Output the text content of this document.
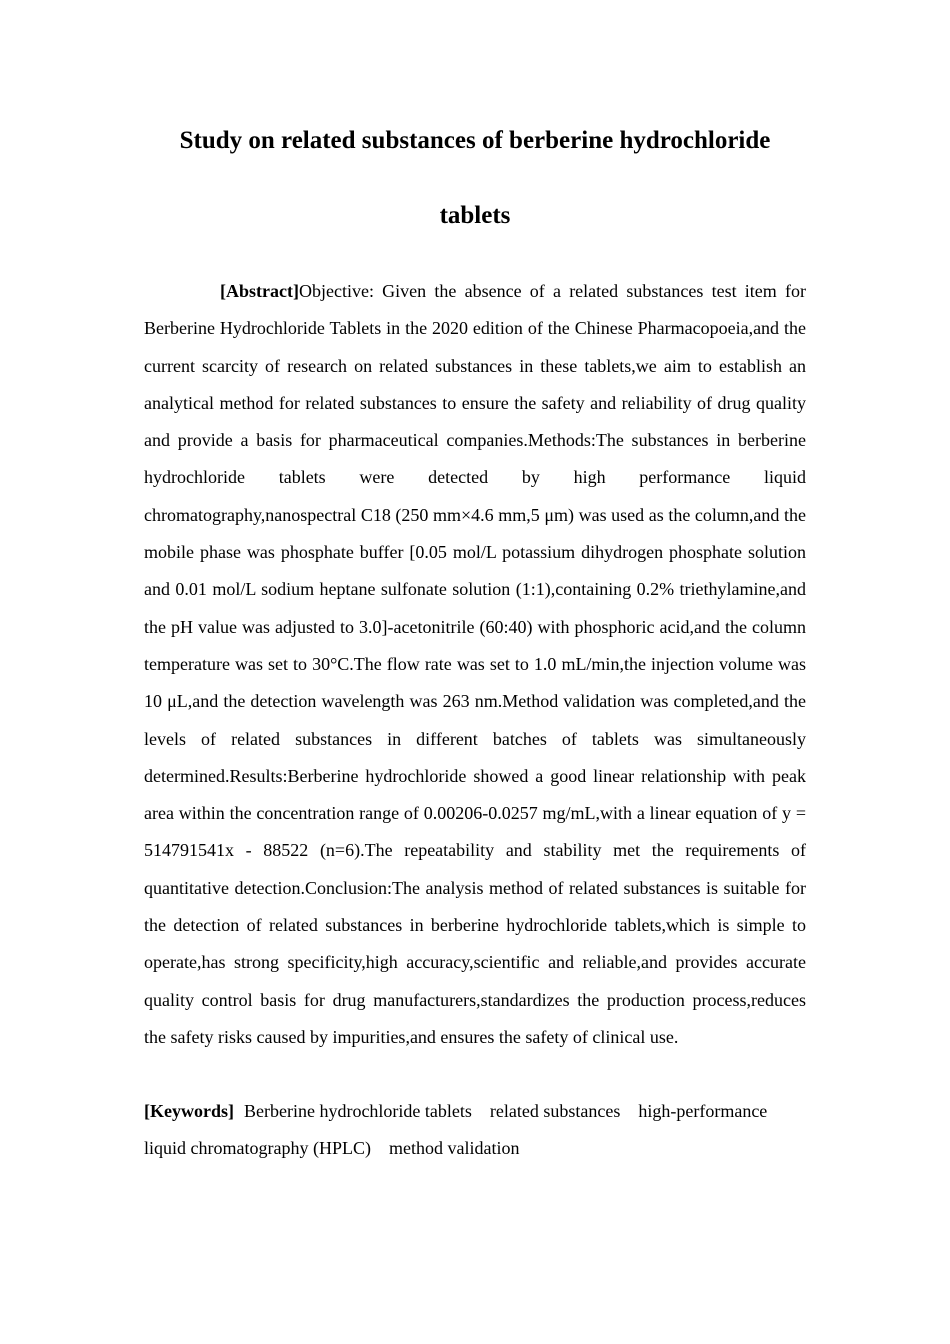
Study on related substances of berberine hydrochloride
tablets

[Abstract]Objective: Given the absence of a related substances test item for Berberine Hydrochloride Tablets in the 2020 edition of the Chinese Pharmacopoeia,and the current scarcity of research on related substances in these tablets,we aim to establish an analytical method for related substances to ensure the safety and reliability of drug quality and provide a basis for pharmaceutical companies.Methods:The substances in berberine hydrochloride tablets were detected by high performance liquid chromatography,nanospectral C18 (250 mm×4.6 mm,5 μm) was used as the column,and the mobile phase was phosphate buffer [0.05 mol/L potassium dihydrogen phosphate solution and 0.01 mol/L sodium heptane sulfonate solution (1:1),containing 0.2% triethylamine,and the pH value was adjusted to 3.0]-acetonitrile (60:40) with phosphoric acid,and the column temperature was set to 30°C.The flow rate was set to 1.0 mL/min,the injection volume was 10 μL,and the detection wavelength was 263 nm.Method validation was completed,and the levels of related substances in different batches of tablets was simultaneously determined.Results:Berberine hydrochloride showed a good linear relationship with peak area within the concentration range of 0.00206-0.0257 mg/mL,with a linear equation of y = 514791541x - 88522 (n=6).The repeatability and stability met the requirements of quantitative detection.Conclusion:The analysis method of related substances is suitable for the detection of related substances in berberine hydrochloride tablets,which is simple to operate,has strong specificity,high accuracy,scientific and reliable,and provides accurate quality control basis for drug manufacturers,standardizes the production process,reduces the safety risks caused by impurities,and ensures the safety of clinical use.

[Keywords] Berberine hydrochloride tablets related substances high-performance liquid chromatography (HPLC) method validation
